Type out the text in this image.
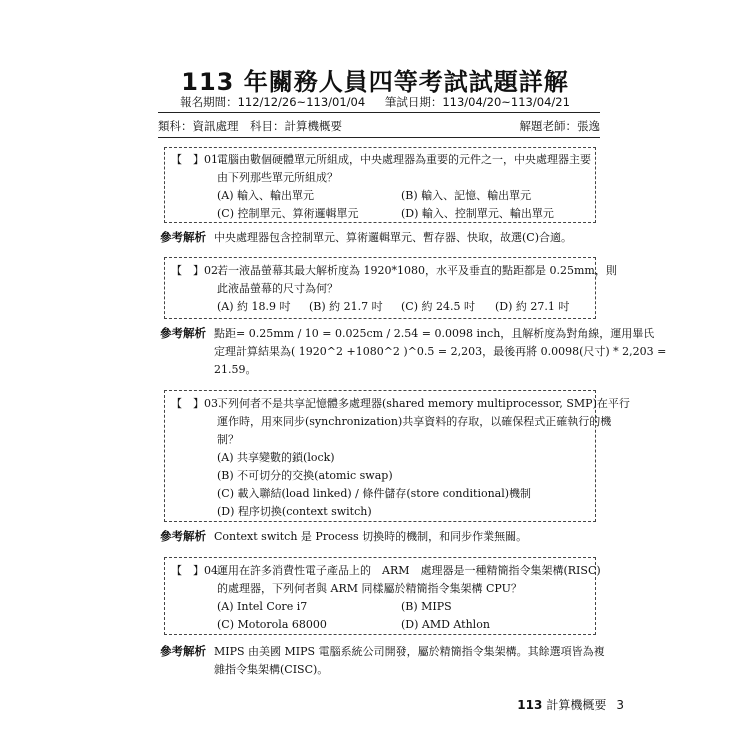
113 年關務人員四等考試試題詳解
報名期間：112/12/26~113/01/04 筆試日期：113/04/20~113/04/21
類科：資訊處理　科目：計算機概要	解題老師：張逸
【　】01.
電腦由數個硬體單元所組成，中央處理器為重要的元件之一，中央處理器主要
由下列那些單元所組成？
(A) 輸入、輸出單元	(B) 輸入、記憶、輸出單元
(C) 控制單元、算術邏輯單元	(D) 輸入、控制單元、輸出單元
參考解析 中央處理器包含控制單元、算術邏輯單元、暫存器、快取，故選(C)合適。
【　】02.
若一液晶螢幕其最大解析度為 1920*1080，水平及垂直的點距都是 0.25mm，則
此液晶螢幕的尺寸為何？
(A) 約 18.9 吋 (B) 約 21.7 吋 (C) 約 24.5 吋 (D) 約 27.1 吋
參考解析 點距= 0.25mm / 10 = 0.025cm / 2.54 = 0.0098 inch，且解析度為對角線，運用畢氏
定理計算結果為( 1920^2 +1080^2 )^0.5 = 2,203，最後再將 0.0098(尺寸) * 2,203 =
21.59。
【　】03.
下列何者不是共享記憶體多處理器(shared memory multiprocessor, SMP)在平行
運作時，用來同步(synchronization)共享資料的存取，以確保程式正確執行的機
制？
(A) 共享變數的鎖(lock)
(B) 不可切分的交換(atomic swap)
(C) 載入聯結(load linked) / 條件儲存(store conditional)機制
(D) 程序切換(context switch)
參考解析 Context switch 是 Process 切換時的機制，和同步作業無關。
【　】04.
運用在許多消費性電子產品上的　ARM　處理器是一種精簡指令集架構(RISC)
的處理器，下列何者與 ARM 同樣屬於精簡指令集架構 CPU？
(A) Intel Core i7	(B) MIPS
(C) Motorola 68000	(D) AMD Athlon
參考解析 MIPS 由美國 MIPS 電腦系統公司開發，屬於精簡指令集架構。其餘選項皆為複
雜指令集架構(CISC)。
113 計算機概要 3
